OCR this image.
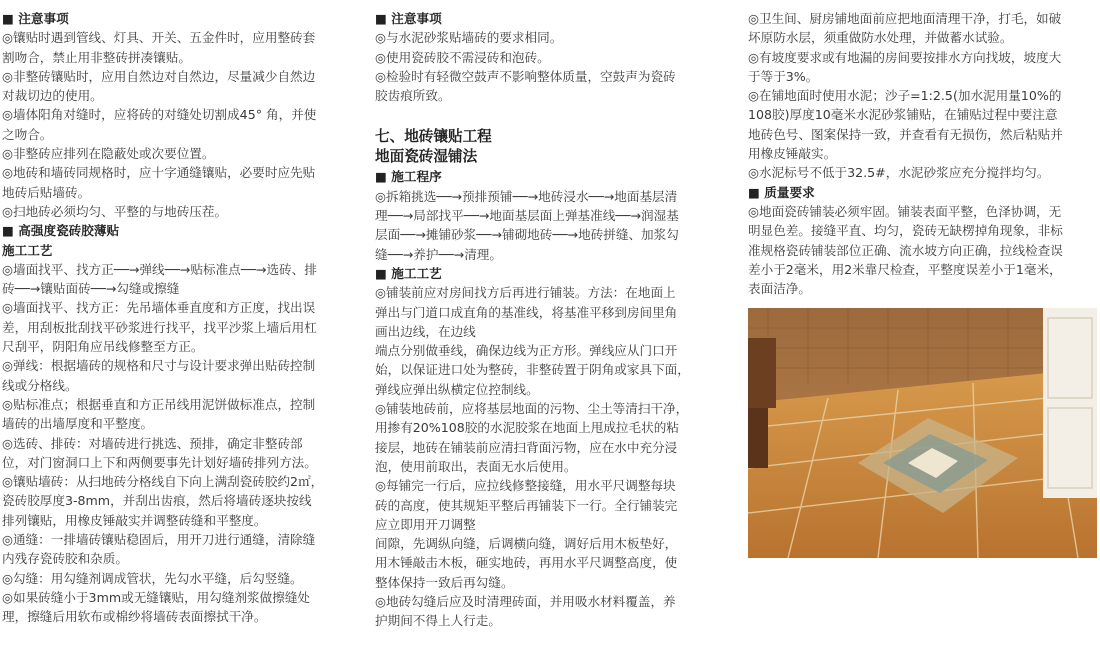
■ 注意事项
◎镶贴时遇到管线、灯具、开关、五金件时，应用整砖套
割吻合，禁止用非整砖拼凑镶贴。
◎非整砖镶贴时，应用自然边对自然边，尽量减少自然边
对裁切边的使用。
◎墙体阳角对缝时，应将砖的对缝处切割成45° 角，并使
之吻合。
◎非整砖应排列在隐蔽处或次要位置。
◎地砖和墙砖同规格时，应十字通缝镶贴，必要时应先贴
地砖后贴墙砖。
◎扫地砖必须均匀、平整的与地砖压茬。
■ 高强度瓷砖胶薄贴
施工工艺
◎墙面找平、找方正──→弹线──→贴标准点──→选砖、排
砖──→镶贴面砖──→勾缝或擦缝
◎墙面找平、找方正：先吊墙体垂直度和方正度，找出误
差，用刮板批刮找平砂浆进行找平，找平沙浆上墙后用杠
尺刮平，阴阳角应吊线修整至方正。
◎弹线：根据墙砖的规格和尺寸与设计要求弹出贴砖控制
线或分格线。
◎贴标准点；根据垂直和方正吊线用泥饼做标准点，控制
墙砖的出墙厚度和平整度。
◎选砖、排砖：对墙砖进行挑选、预排，确定非整砖部
位，对门窗洞口上下和两侧要事先计划好墙砖排列方法。
◎镶贴墙砖：从扫地砖分格线自下向上满刮瓷砖胶约2㎡，
瓷砖胶厚度3-8mm，并刮出齿痕，然后将墙砖逐块按线
排列镶贴，用橡皮锤敲实并调整砖缝和平整度。
◎通缝：一排墙砖镶贴稳固后，用开刀进行通缝，清除缝
内残存瓷砖胶和杂质。
◎勾缝：用勾缝剂调成管状，先勾水平缝，后勾竖缝。
◎如果砖缝小于3mm或无缝镶贴，用勾缝剂浆做擦缝处
理，擦缝后用软布或棉纱将墙砖表面擦拭干净。
■ 注意事项
◎与水泥砂浆贴墙砖的要求相同。
◎使用瓷砖胶不需浸砖和泡砖。
◎检验时有轻微空鼓声不影响整体质量，空鼓声为瓷砖
胶齿痕所致。
七、地砖镶贴工程
地面瓷砖湿铺法
■ 施工程序
◎拆箱挑选──→预排预铺──→地砖浸水──→地面基层清
理──→局部找平──→地面基层面上弹基准线──→润湿基
层面──→摊铺砂浆──→铺砌地砖──→地砖拼缝、加浆勾
缝──→养护──→清理。
■ 施工工艺
◎铺装前应对房间找方后再进行铺装。方法：在地面上
弹出与门道口成直角的基准线，将基准平移到房间里角
画出边线，在边线
端点分别做垂线，确保边线为正方形。弹线应从门口开
始，以保证进口处为整砖，非整砖置于阴角或家具下面，
弹线应弹出纵横定位控制线。
◎铺装地砖前，应将基层地面的污物、尘土等清扫干净，
用掺有20%108胶的水泥胶浆在地面上甩成拉毛状的粘
接层，地砖在铺装前应清扫背面污物，应在水中充分浸
泡，使用前取出，表面无水后使用。
◎每铺完一行后，应拉线修整接缝，用水平尺调整每块
砖的高度，使其规矩平整后再铺装下一行。全行铺装完
应立即用开刀调整
间隙，先调纵向缝，后调横向缝，调好后用木板垫好，
用木锤敲击木板，砸实地砖，再用水平尺调整高度，使
整体保持一致后再勾缝。
◎地砖勾缝后应及时清理砖面，并用吸水材料覆盖，养
护期间不得上人行走。
◎卫生间、厨房铺地面前应把地面清理干净，打毛，如破
坏原防水层，须重做防水处理，并做蓄水试验。
◎有坡度要求或有地漏的房间要按排水方向找坡，坡度大
于等于3%。
◎在铺地面时使用水泥；沙子=1:2.5(加水泥用量10%的
108胶)厚度10毫米水泥砂浆铺贴，在铺贴过程中要注意
地砖色号、图案保持一致，并查看有无损伤，然后粘贴并
用橡皮锤敲实。
◎水泥标号不低于32.5#，水泥砂浆应充分搅拌均匀。
■ 质量要求
◎地面瓷砖铺装必须牢固。铺装表面平整，色泽协调，无
明显色差。接缝平直、均匀，瓷砖无缺楞掉角现象，非标
准规格瓷砖铺装部位正确、流水坡方向正确，拉线检查误
差小于2毫米，用2米靠尺检查，平整度误差小于1毫米，
表面洁净。
